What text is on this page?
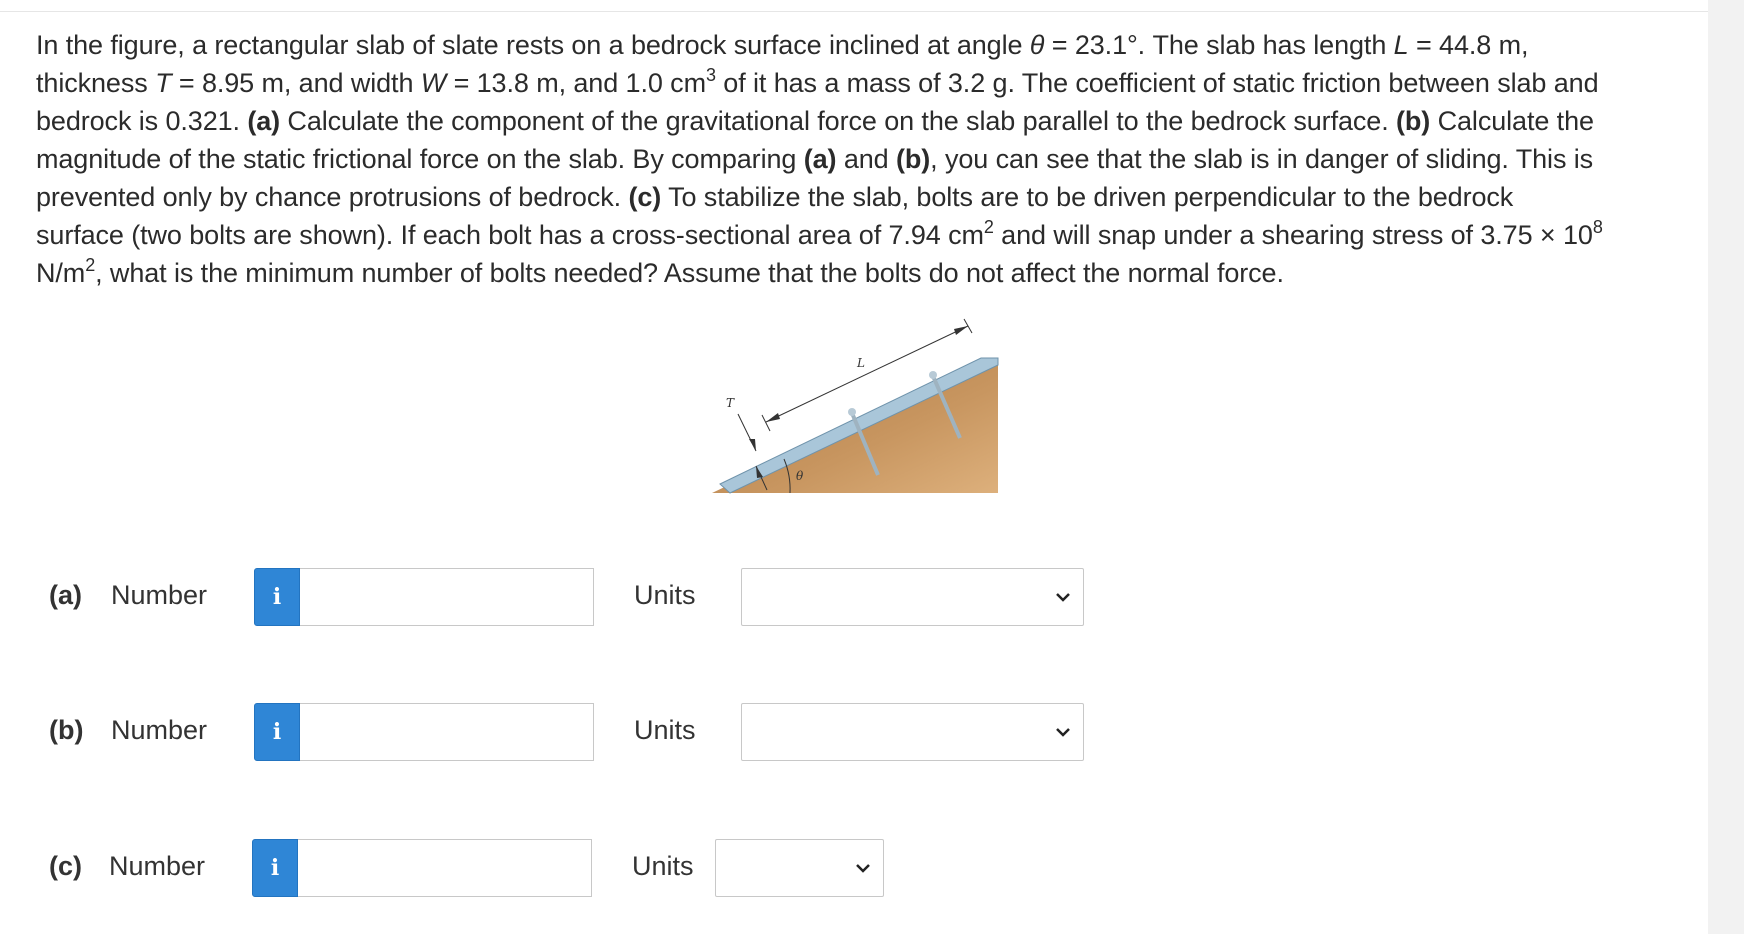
In the figure, a rectangular slab of slate rests on a bedrock surface inclined at angle θ = 23.1°. The slab has length L = 44.8 m,
thickness T = 8.95 m, and width W = 13.8 m, and 1.0 $cm^3$ of it has a mass of 3.2 g. The coefficient of static friction between slab and
bedrock is 0.321. (a) Calculate the component of the gravitational force on the slab parallel to the bedrock surface. (b) Calculate the
magnitude of the static frictional force on the slab. By comparing (a) and (b), you can see that the slab is in danger of sliding. This is
prevented only by chance protrusions of bedrock. (c) To stabilize the slab, bolts are to be driven perpendicular to the bedrock
surface (two bolts are shown). If each bolt has a cross-sectional area of 7.94 $cm^2$ and will snap under a shearing stress of $3.75 \times 10^8$
$N/m^2$, what is the minimum number of bolts needed? Assume that the bolts do not affect the normal force.
L
T
θ
(a) Number	i	Units
(b) Number	i	Units
(c) Number	i	Units
